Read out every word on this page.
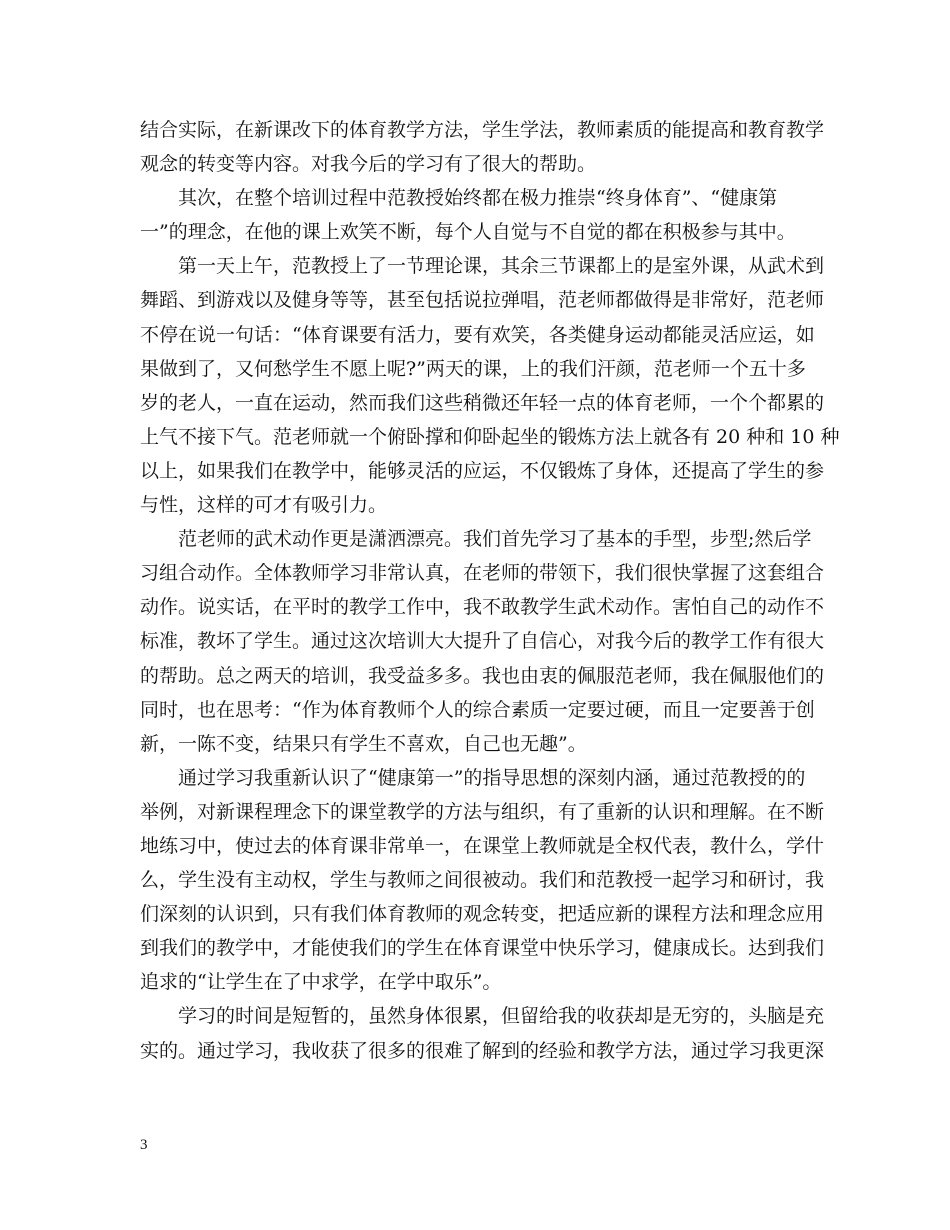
结合实际，在新课改下的体育教学方法，学生学法，教师素质的能提高和教育教学
观念的转变等内容。对我今后的学习有了很大的帮助。
其次，在整个培训过程中范教授始终都在极力推崇“终身体育”、“健康第
一”的理念，在他的课上欢笑不断，每个人自觉与不自觉的都在积极参与其中。
第一天上午，范教授上了一节理论课，其余三节课都上的是室外课，从武术到
舞蹈、到游戏以及健身等等，甚至包括说拉弹唱，范老师都做得是非常好，范老师
不停在说一句话：“体育课要有活力，要有欢笑，各类健身运动都能灵活应运，如
果做到了，又何愁学生不愿上呢?”两天的课，上的我们汗颜，范老师一个五十多
岁的老人，一直在运动，然而我们这些稍微还年轻一点的体育老师，一个个都累的
上气不接下气。范老师就一个俯卧撑和仰卧起坐的锻炼方法上就各有 20 种和 10 种
以上，如果我们在教学中，能够灵活的应运，不仅锻炼了身体，还提高了学生的参
与性，这样的可才有吸引力。
范老师的武术动作更是潇洒漂亮。我们首先学习了基本的手型，步型;然后学
习组合动作。全体教师学习非常认真，在老师的带领下，我们很快掌握了这套组合
动作。说实话，在平时的教学工作中，我不敢教学生武术动作。害怕自己的动作不
标准，教坏了学生。通过这次培训大大提升了自信心，对我今后的教学工作有很大
的帮助。总之两天的培训，我受益多多。我也由衷的佩服范老师，我在佩服他们的
同时，也在思考：“作为体育教师个人的综合素质一定要过硬，而且一定要善于创
新，一陈不变，结果只有学生不喜欢，自己也无趣”。
通过学习我重新认识了“健康第一”的指导思想的深刻内涵，通过范教授的的
举例，对新课程理念下的课堂教学的方法与组织，有了重新的认识和理解。在不断
地练习中，使过去的体育课非常单一，在课堂上教师就是全权代表，教什么，学什
么，学生没有主动权，学生与教师之间很被动。我们和范教授一起学习和研讨，我
们深刻的认识到，只有我们体育教师的观念转变，把适应新的课程方法和理念应用
到我们的教学中，才能使我们的学生在体育课堂中快乐学习，健康成长。达到我们
追求的“让学生在了中求学，在学中取乐”。
学习的时间是短暂的，虽然身体很累，但留给我的收获却是无穷的，头脑是充
实的。通过学习，我收获了很多的很难了解到的经验和教学方法，通过学习我更深
3
